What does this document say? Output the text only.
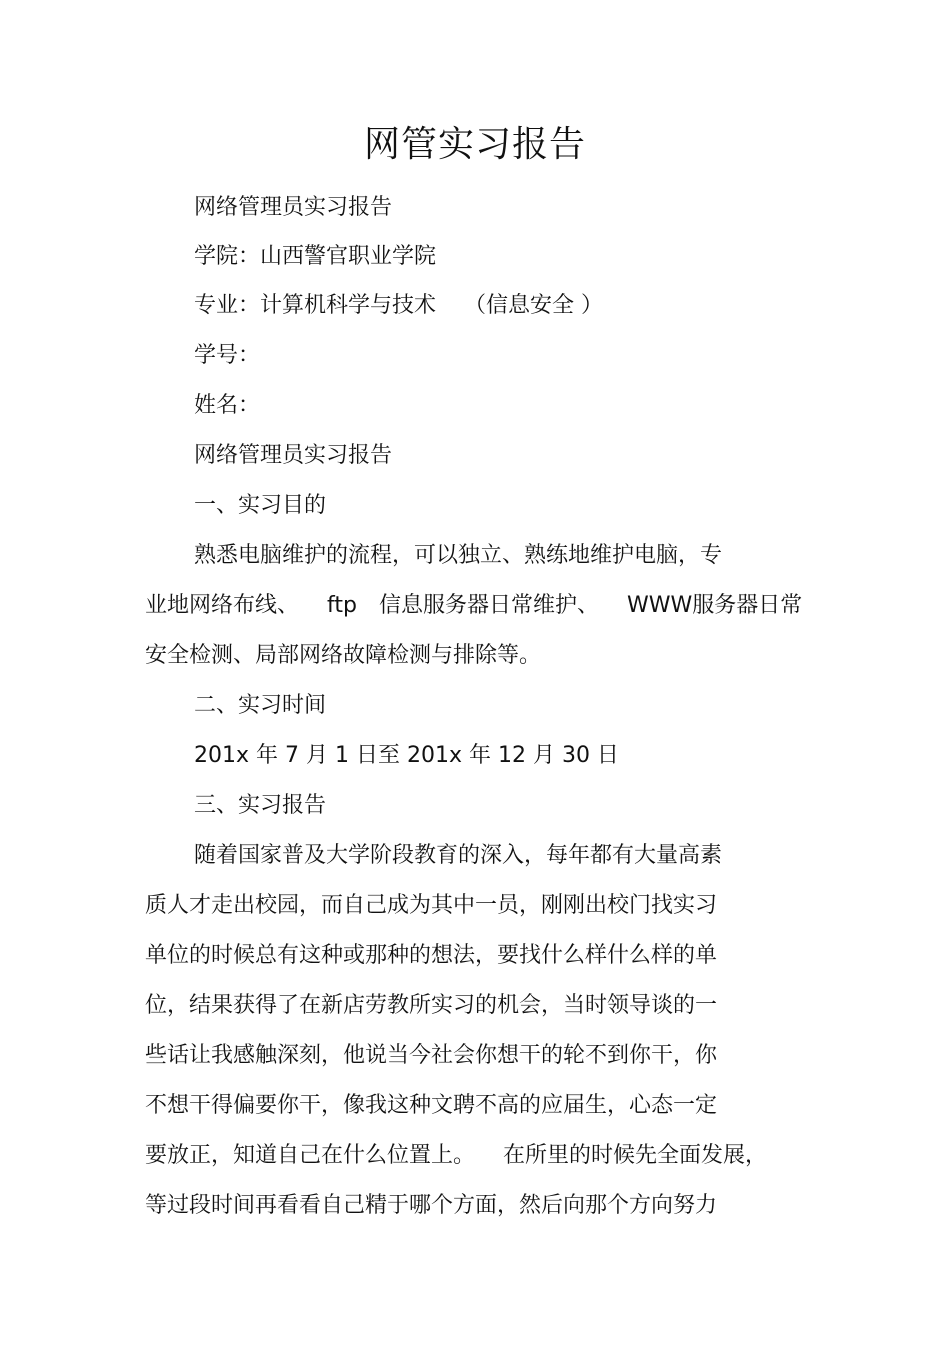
网管实习报告
网络管理员实习报告
学院：山西警官职业学院
专业：计算机科学与技术 （信息安全 ）
学号：
姓名：
网络管理员实习报告
一、实习目的
熟悉电脑维护的流程，可以独立、熟练地维护电脑，专
业地网络布线、 ftp 信息服务器日常维护、 WWW服务器日常
安全检测、局部网络故障检测与排除等。
二、实习时间
201x 年 7 月 1 日至 201x 年 12 月 30 日
三、实习报告
随着国家普及大学阶段教育的深入，每年都有大量高素
质人才走出校园，而自己成为其中一员，刚刚出校门找实习
单位的时候总有这种或那种的想法，要找什么样什么样的单
位，结果获得了在新店劳教所实习的机会，当时领导谈的一
些话让我感触深刻，他说当今社会你想干的轮不到你干，你
不想干得偏要你干，像我这种文聘不高的应届生，心态一定
要放正，知道自己在什么位置上。 在所里的时候先全面发展，
等过段时间再看看自己精于哪个方面，然后向那个方向努力
